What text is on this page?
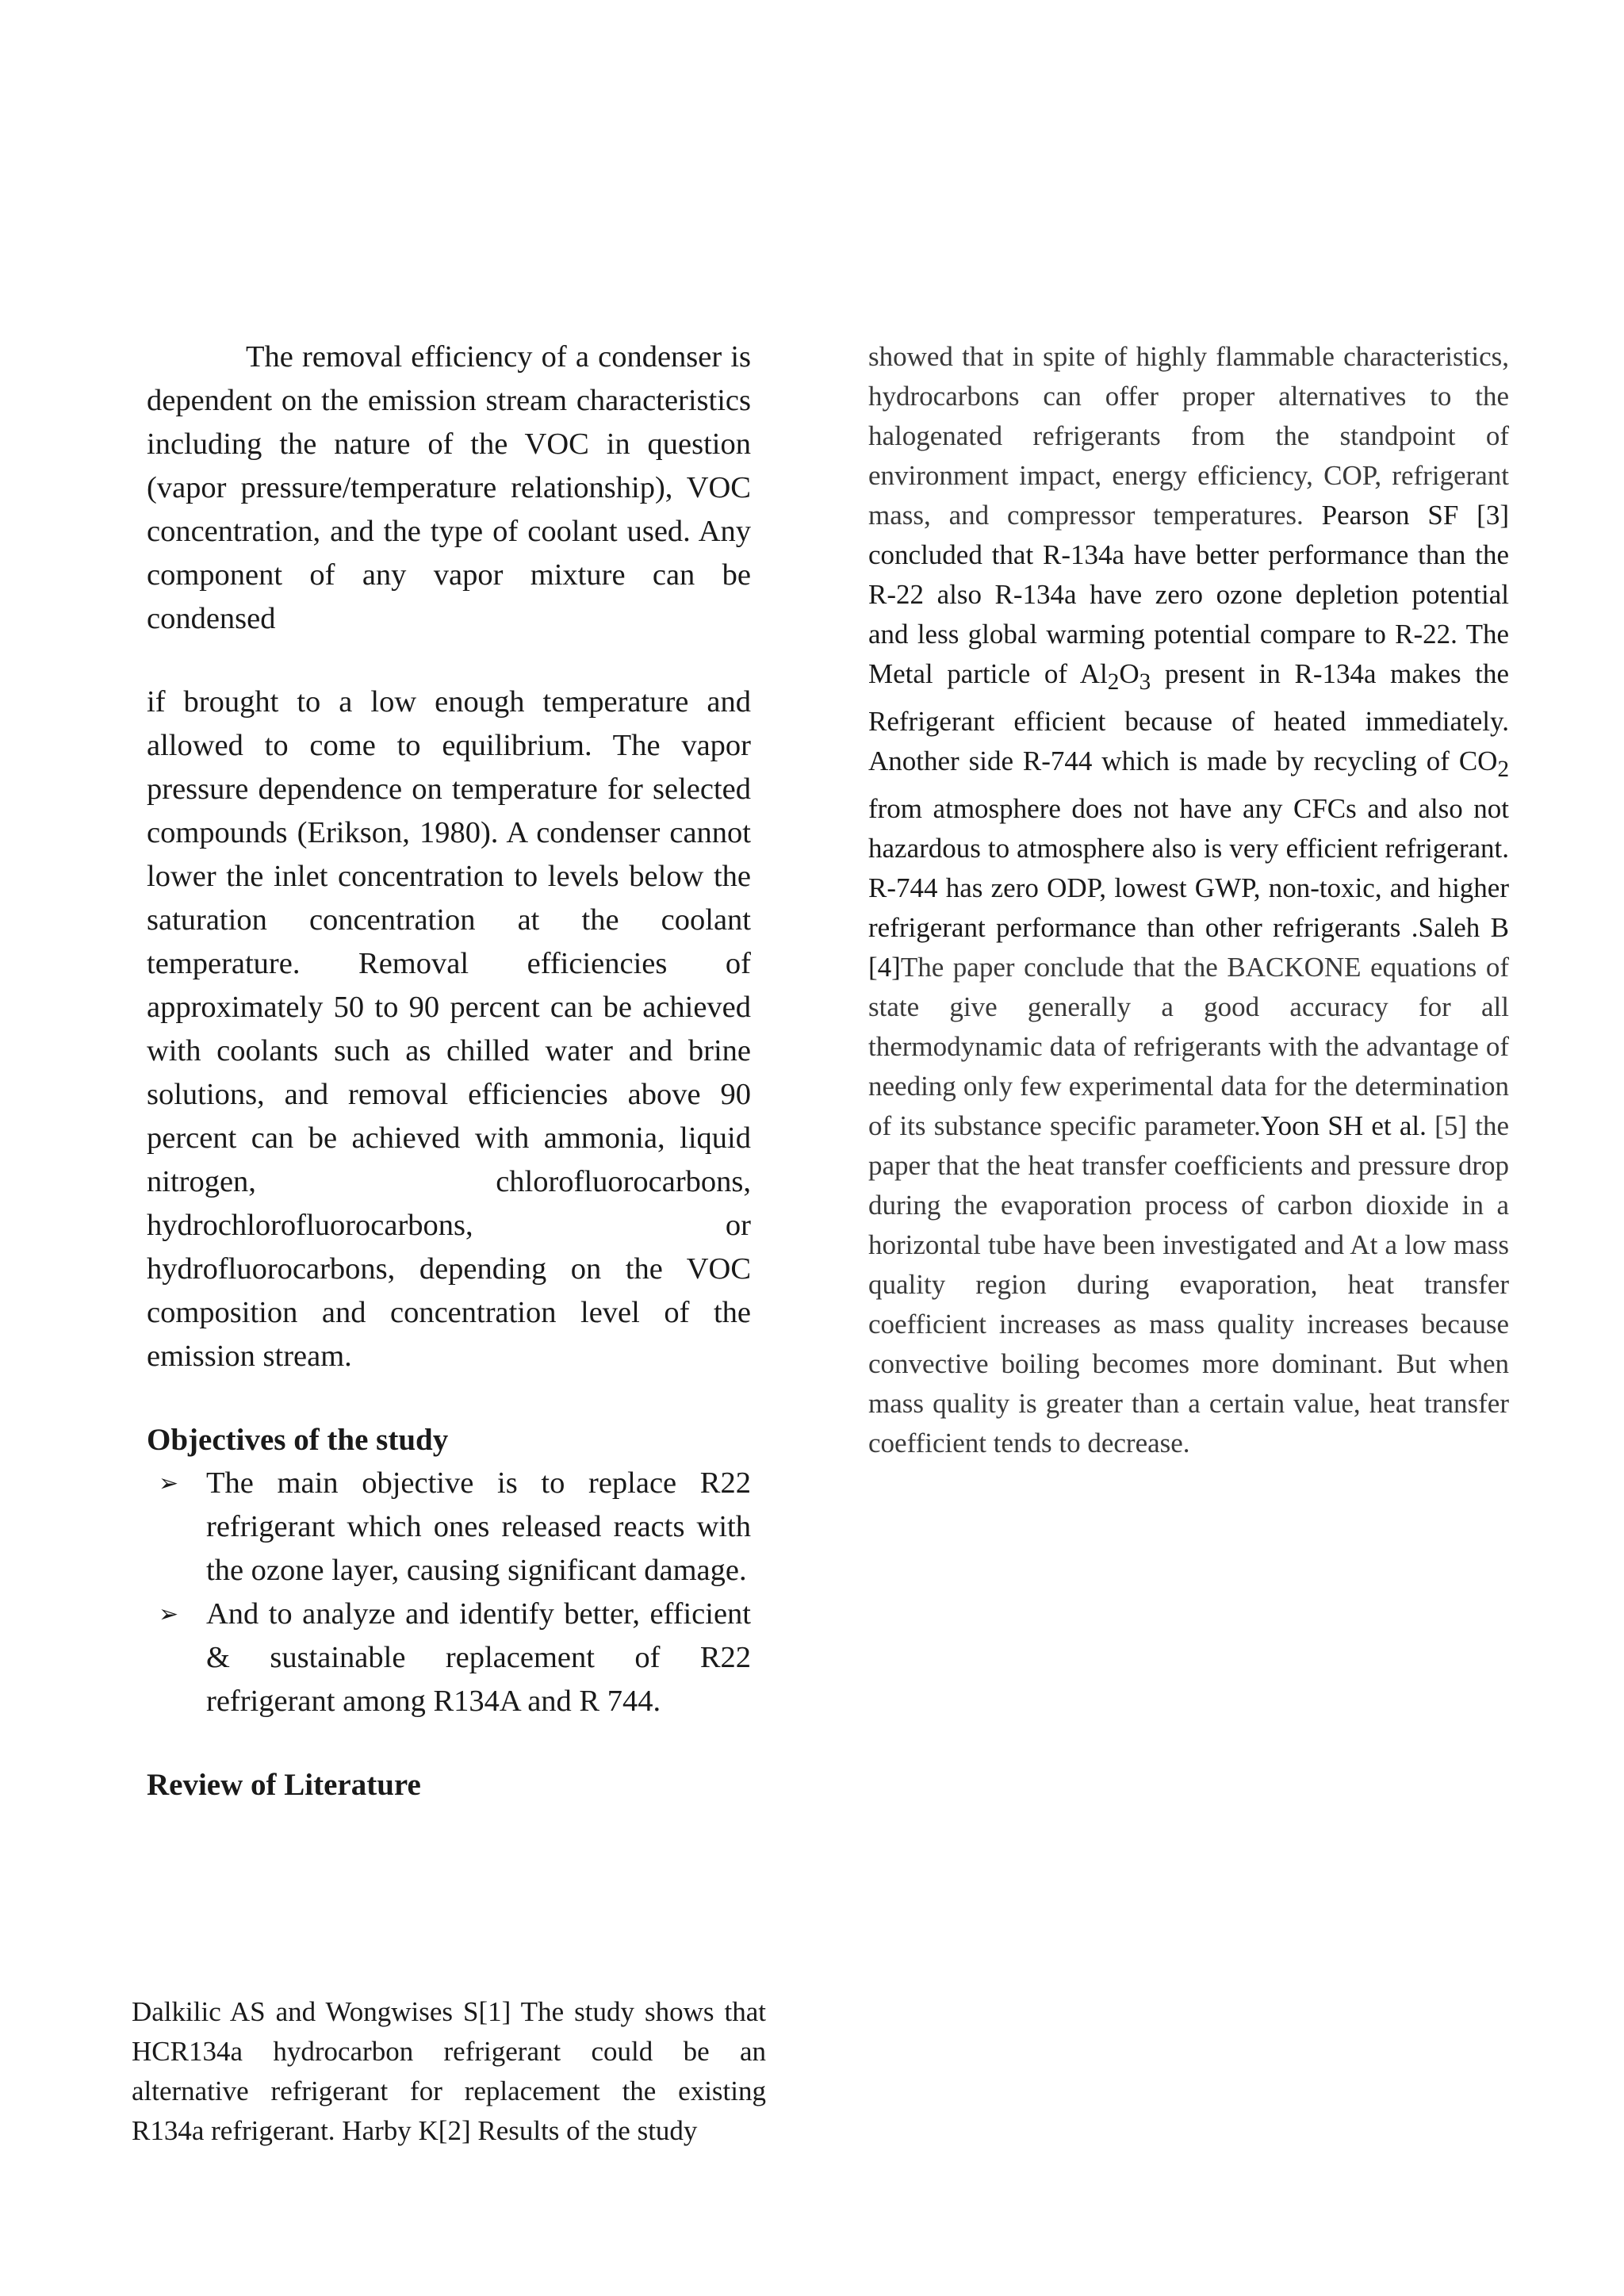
The removal efficiency of a condenser is dependent on the emission stream characteristics including the nature of the VOC in question (vapor pressure/temperature relationship), VOC concentration, and the type of coolant used. Any component of any vapor mixture can be condensed

if brought to a low enough temperature and allowed to come to equilibrium. The vapor pressure dependence on temperature for selected compounds (Erikson, 1980). A condenser cannot lower the inlet concentration to levels below the saturation concentration at the coolant temperature. Removal efficiencies of approximately 50 to 90 percent can be achieved with coolants such as chilled water and brine solutions, and removal efficiencies above 90 percent can be achieved with ammonia, liquid nitrogen, chlorofluorocarbons, hydrochlorofluorocarbons, or hydrofluorocarbons, depending on the VOC composition and concentration level of the emission stream.

Objectives of the study
➢ The main objective is to replace R22 refrigerant which ones released reacts with the ozone layer, causing significant damage.
➢ And to analyze and identify better, efficient & sustainable replacement of R22 refrigerant among R134A and R 744.
Review of Literature

Dalkilic AS and Wongwises S[1] The study shows that HCR134a hydrocarbon refrigerant could be an alternative refrigerant for replacement the existing R134a refrigerant. Harby K[2] Results of the study

showed that in spite of highly flammable characteristics, hydrocarbons can offer proper alternatives to the halogenated refrigerants from the standpoint of environment impact, energy efficiency, COP, refrigerant mass, and compressor temperatures. Pearson SF [3] concluded that R-134a have better performance than the R-22 also R-134a have zero ozone depletion potential and less global warming potential compare to R-22. The Metal particle of $Al_2O_3$ present in R-134a makes the Refrigerant efficient because of heated immediately. Another side R-744 which is made by recycling of $CO_2$ from atmosphere does not have any CFCs and also not hazardous to atmosphere also is very efficient refrigerant. R-744 has zero ODP, lowest GWP, non-toxic, and higher refrigerant performance than other refrigerants .Saleh B [4]The paper conclude that the BACKONE equations of state give generally a good accuracy for all thermodynamic data of refrigerants with the advantage of needing only few experimental data for the determination of its substance specific parameter.Yoon SH et al. [5] the paper that the heat transfer coefficients and pressure drop during the evaporation process of carbon dioxide in a horizontal tube have been investigated and At a low mass quality region during evaporation, heat transfer coefficient increases as mass quality increases because convective boiling becomes more dominant. But when mass quality is greater than a certain value, heat transfer coefficient tends to decrease.
